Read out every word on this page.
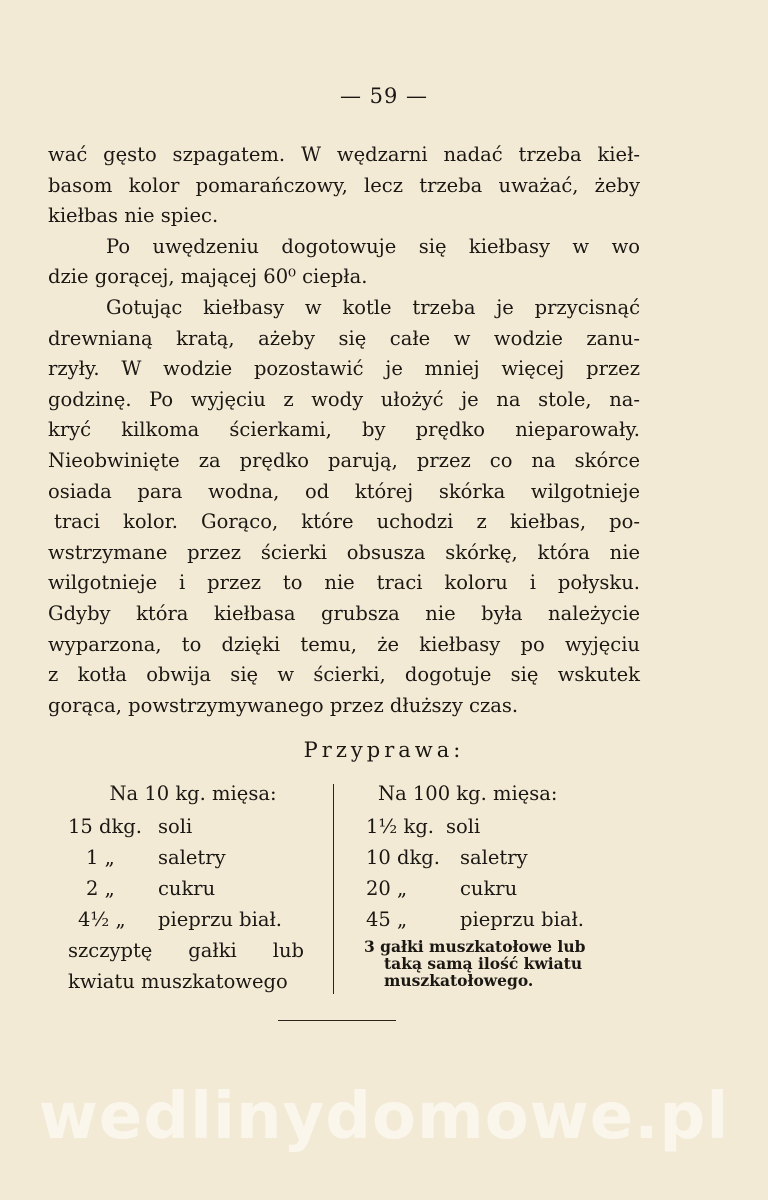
— 59 —
wać gęsto szpagatem. W wędzarni nadać trzeba kieł-
basom kolor pomarańczowy, lecz trzeba uważać, żeby
kiełbas nie spiec.
Po uwędzeniu dogotowuje się kiełbasy w wo
dzie gorącej, mającej 60⁰ ciepła.
Gotując kiełbasy w kotle trzeba je przycisnąć
drewnianą kratą, ażeby się całe w wodzie zanu-
rzyły. W wodzie pozostawić je mniej więcej przez
godzinę. Po wyjęciu z wody ułożyć je na stole, na-
kryć kilkoma ścierkami, by prędko nieparowały.
Nieobwinięte za prędko parują, przez co na skórce
osiada para wodna, od której skórka wilgotnieje
traci kolor. Gorąco, które uchodzi z kiełbas, po-
wstrzymane przez ścierki obsusza skórkę, która nie
wilgotnieje i przez to nie traci koloru i połysku.
Gdyby która kiełbasa grubsza nie była należycie
wyparzona, to dzięki temu, że kiełbasy po wyjęciu
z kotła obwija się w ścierki, dogotuje się wskutek
gorąca, powstrzymywanego przez dłuższy czas.
Przyprawa:
Na 10 kg. mięsa:
15 dkg. soli
1 „	saletry
2 „	cukru
4½ „	pieprzu biał.
szczyptę gałki lub
kwiatu muszkatowego
Na 100 kg. mięsa:
1½ kg. soli
10 dkg.	saletry
20 „	cukru
45 „	pieprzu biał.
3 gałki muszkatołowe lub
taką samą ilość kwiatu
muszkatołowego.
wedlinydomowe.pl
